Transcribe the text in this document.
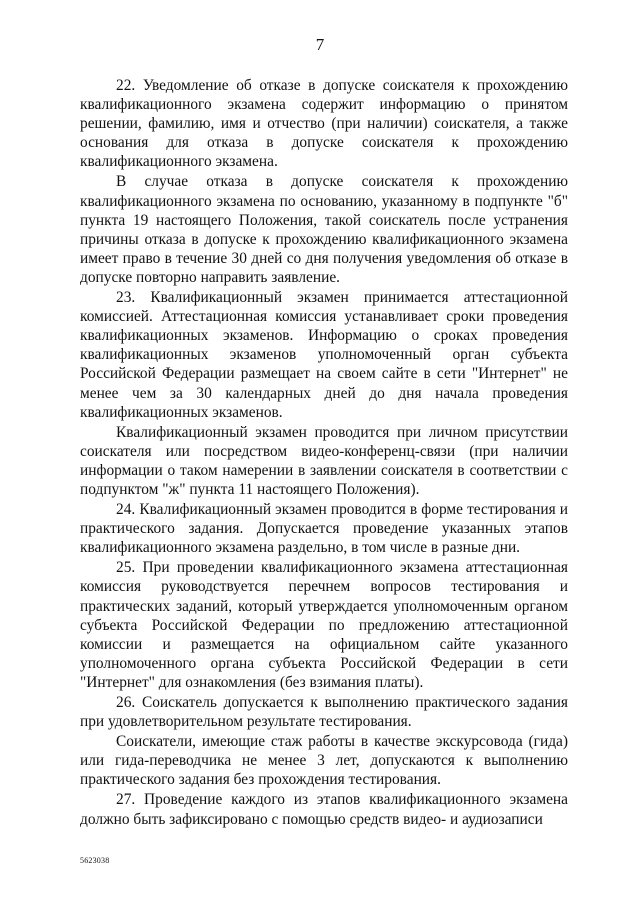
7

22. Уведомление об отказе в допуске соискателя к прохождению квалификационного экзамена содержит информацию о принятом решении, фамилию, имя и отчество (при наличии) соискателя, а также основания для отказа в допуске соискателя к прохождению квалификационного экзамена.

В случае отказа в допуске соискателя к прохождению квалификационного экзамена по основанию, указанному в подпункте "б" пункта 19 настоящего Положения, такой соискатель после устранения причины отказа в допуске к прохождению квалификационного экзамена имеет право в течение 30 дней со дня получения уведомления об отказе в допуске повторно направить заявление.

23. Квалификационный экзамен принимается аттестационной комиссией. Аттестационная комиссия устанавливает сроки проведения квалификационных экзаменов. Информацию о сроках проведения квалификационных экзаменов уполномоченный орган субъекта Российской Федерации размещает на своем сайте в сети "Интернет" не менее чем за 30 календарных дней до дня начала проведения квалификационных экзаменов.

Квалификационный экзамен проводится при личном присутствии соискателя или посредством видео-конференц-связи (при наличии информации о таком намерении в заявлении соискателя в соответствии с подпунктом "ж" пункта 11 настоящего Положения).

24. Квалификационный экзамен проводится в форме тестирования и практического задания. Допускается проведение указанных этапов квалификационного экзамена раздельно, в том числе в разные дни.

25. При проведении квалификационного экзамена аттестационная комиссия руководствуется перечнем вопросов тестирования и практических заданий, который утверждается уполномоченным органом субъекта Российской Федерации по предложению аттестационной комиссии и размещается на официальном сайте указанного уполномоченного органа субъекта Российской Федерации в сети "Интернет" для ознакомления (без взимания платы).

26. Соискатель допускается к выполнению практического задания при удовлетворительном результате тестирования.

Соискатели, имеющие стаж работы в качестве экскурсовода (гида) или гида-переводчика не менее 3 лет, допускаются к выполнению практического задания без прохождения тестирования.

27. Проведение каждого из этапов квалификационного экзамена должно быть зафиксировано с помощью средств видео- и аудиозаписи

5623038
